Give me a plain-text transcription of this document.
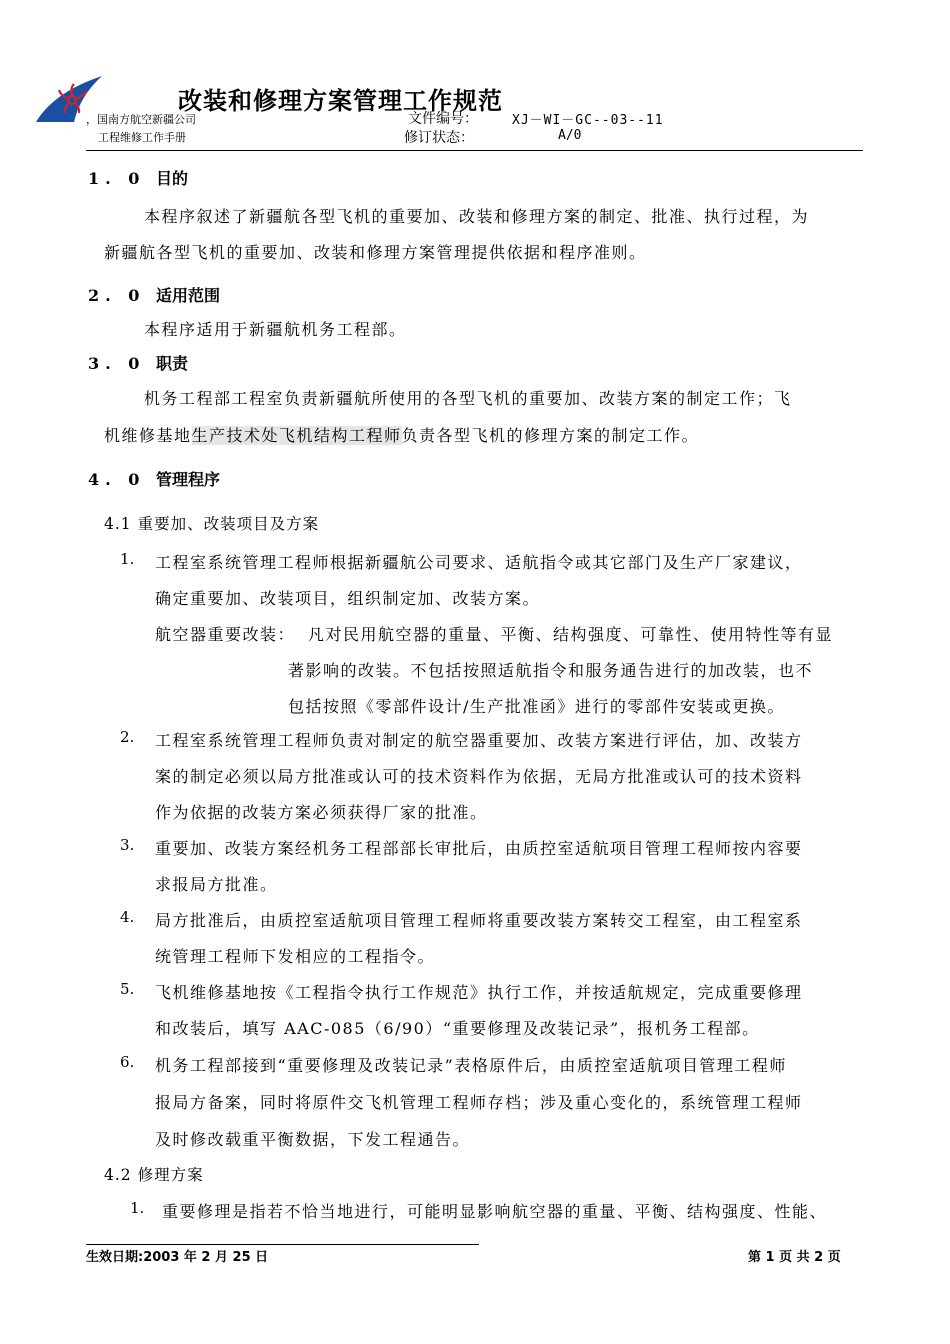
改装和修理方案管理工作规范
，国南方航空新疆公司
工程维修工作手册
文件编号：	XJ－WI－GC--03--11
修订状态：	A/0
1. 0 目的
本程序叙述了新疆航各型飞机的重要加、改装和修理方案的制定、批准、执行过程，为
新疆航各型飞机的重要加、改装和修理方案管理提供依据和程序准则。
2. 0 适用范围
本程序适用于新疆航机务工程部。
3. 0 职责
机务工程部工程室负责新疆航所使用的各型飞机的重要加、改装方案的制定工作；飞
机维修基地生产技术处飞机结构工程师负责各型飞机的修理方案的制定工作。
4. 0 管理程序
4.1 重要加、改装项目及方案
1. 工程室系统管理工程师根据新疆航公司要求、适航指令或其它部门及生产厂家建议，
确定重要加、改装项目，组织制定加、改装方案。
航空器重要改装： 凡对民用航空器的重量、平衡、结构强度、可靠性、使用特性等有显
著影响的改装。不包括按照适航指令和服务通告进行的加改装，也不
包括按照《零部件设计/生产批准函》进行的零部件安装或更换。
2. 工程室系统管理工程师负责对制定的航空器重要加、改装方案进行评估，加、改装方
案的制定必须以局方批准或认可的技术资料作为依据，无局方批准或认可的技术资料
作为依据的改装方案必须获得厂家的批准。
3. 重要加、改装方案经机务工程部部长审批后，由质控室适航项目管理工程师按内容要
求报局方批准。
4. 局方批准后，由质控室适航项目管理工程师将重要改装方案转交工程室，由工程室系
统管理工程师下发相应的工程指令。
5. 飞机维修基地按《工程指令执行工作规范》执行工作，并按适航规定，完成重要修理
和改装后，填写 AAC-085（6/90）“重要修理及改装记录”，报机务工程部。
6. 机务工程部接到“重要修理及改装记录”表格原件后，由质控室适航项目管理工程师
报局方备案，同时将原件交飞机管理工程师存档；涉及重心变化的，系统管理工程师
及时修改载重平衡数据，下发工程通告。
4.2 修理方案
1. 重要修理是指若不恰当地进行，可能明显影响航空器的重量、平衡、结构强度、性能、
生效日期:2003 年 2 月 25 日	第 1 页 共 2 页
